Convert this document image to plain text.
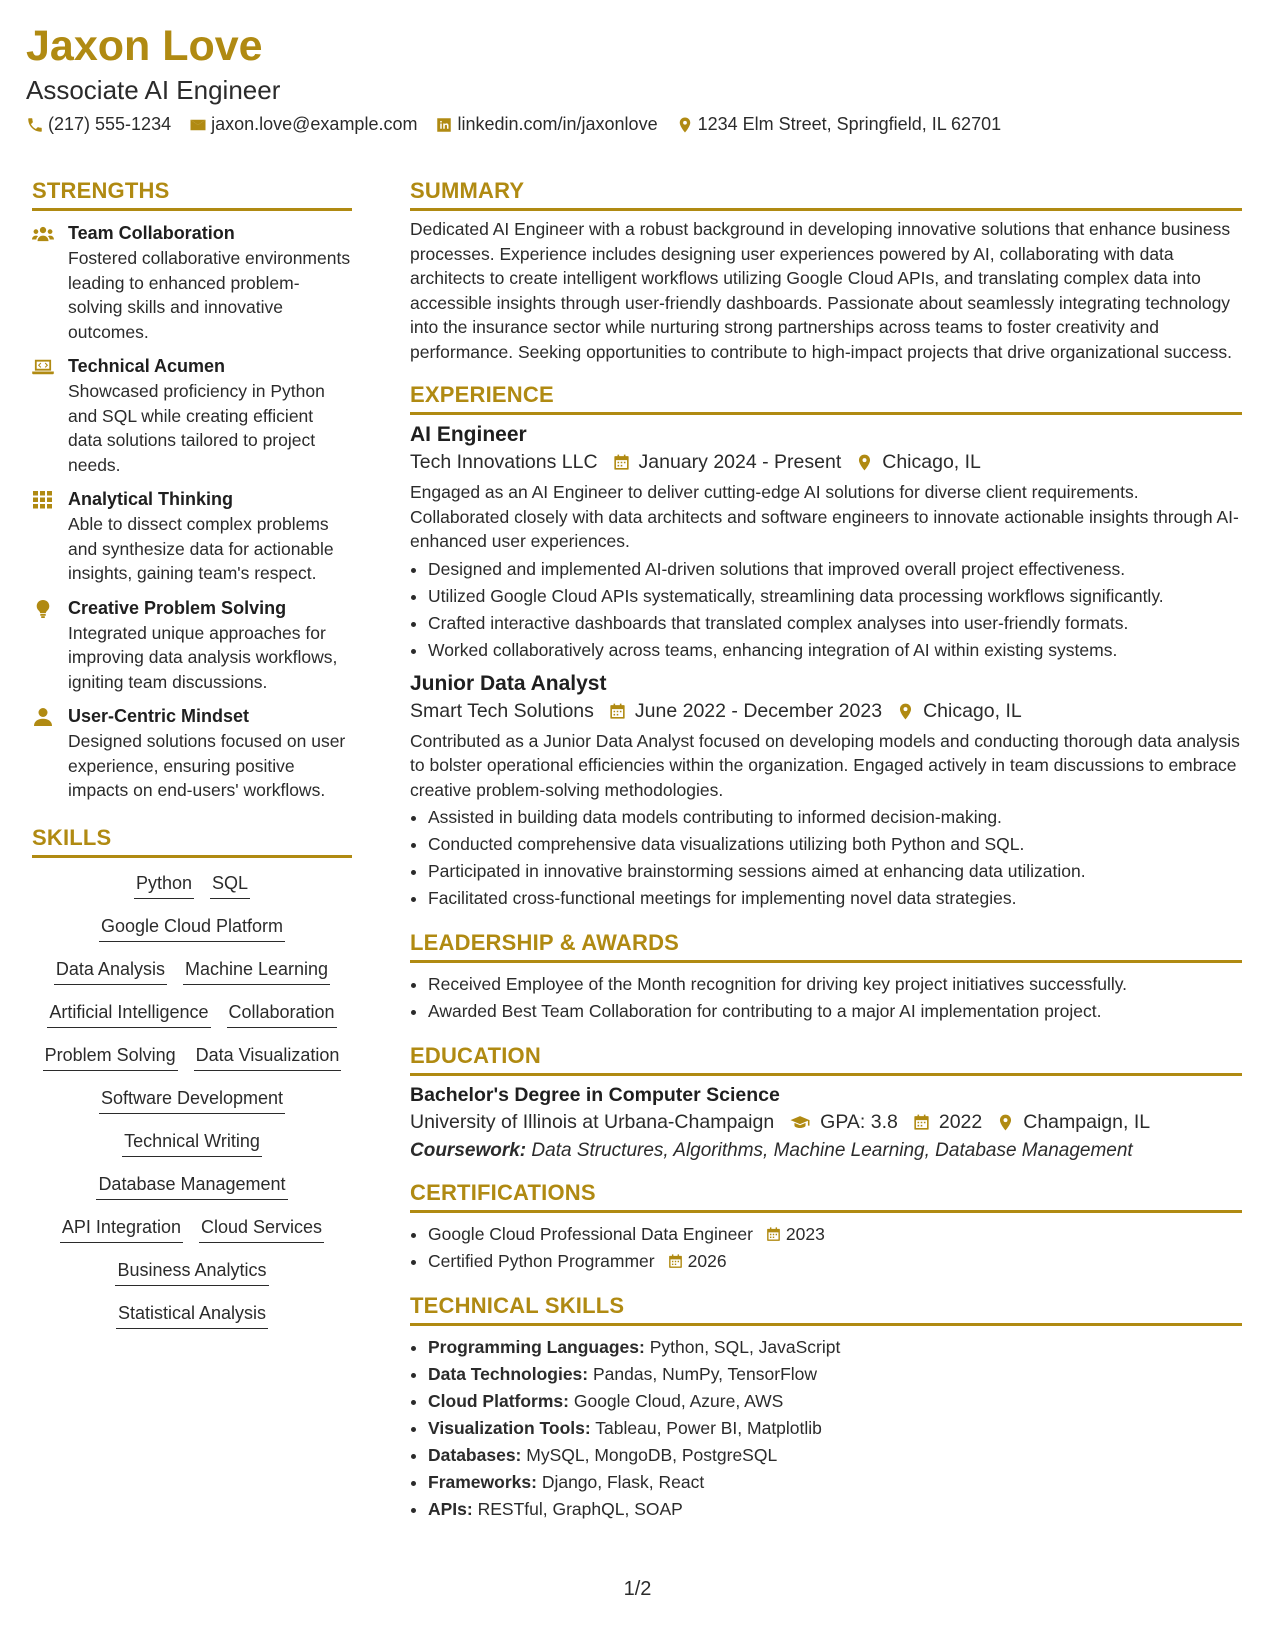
Jaxon Love
Associate AI Engineer
(217) 555-1234 jaxon.love@example.com linkedin.com/in/jaxonlove 1234 Elm Street, Springfield, IL 62701
STRENGTHS
Team Collaboration

Fostered collaborative environments leading to enhanced problem-solving skills and innovative outcomes.

Technical Acumen

Showcased proficiency in Python and SQL while creating efficient data solutions tailored to project needs.

Analytical Thinking

Able to dissect complex problems and synthesize data for actionable insights, gaining team's respect.

Creative Problem Solving

Integrated unique approaches for improving data analysis workflows, igniting team discussions.

User-Centric Mindset

Designed solutions focused on user experience, ensuring positive impacts on end-users' workflows.

SKILLS
Python SQL
Google Cloud Platform
Data Analysis Machine Learning
Artificial Intelligence Collaboration
Problem Solving Data Visualization
Software Development
Technical Writing
Database Management
API Integration Cloud Services
Business Analytics
Statistical Analysis
SUMMARY

Dedicated AI Engineer with a robust background in developing innovative solutions that enhance business processes. Experience includes designing user experiences powered by AI, collaborating with data architects to create intelligent workflows utilizing Google Cloud APIs, and translating complex data into accessible insights through user-friendly dashboards. Passionate about seamlessly integrating technology into the insurance sector while nurturing strong partnerships across teams to foster creativity and performance. Seeking opportunities to contribute to high-impact projects that drive organizational success.

EXPERIENCE
AI Engineer
Tech Innovations LLC January 2024 - Present Chicago, IL

Engaged as an AI Engineer to deliver cutting-edge AI solutions for diverse client requirements. Collaborated closely with data architects and software engineers to innovate actionable insights through AI-enhanced user experiences.

• Designed and implemented AI-driven solutions that improved overall project effectiveness.
• Utilized Google Cloud APIs systematically, streamlining data processing workflows significantly.
• Crafted interactive dashboards that translated complex analyses into user-friendly formats.
• Worked collaboratively across teams, enhancing integration of AI within existing systems.
Junior Data Analyst
Smart Tech Solutions June 2022 - December 2023 Chicago, IL

Contributed as a Junior Data Analyst focused on developing models and conducting thorough data analysis to bolster operational efficiencies within the organization. Engaged actively in team discussions to embrace creative problem-solving methodologies.

• Assisted in building data models contributing to informed decision-making.
• Conducted comprehensive data visualizations utilizing both Python and SQL.
• Participated in innovative brainstorming sessions aimed at enhancing data utilization.
• Facilitated cross-functional meetings for implementing novel data strategies.
LEADERSHIP & AWARDS
• Received Employee of the Month recognition for driving key project initiatives successfully.
• Awarded Best Team Collaboration for contributing to a major AI implementation project.
EDUCATION
Bachelor's Degree in Computer Science
University of Illinois at Urbana-Champaign GPA: 3.8 2022 Champaign, IL
Coursework: Data Structures, Algorithms, Machine Learning, Database Management
CERTIFICATIONS
• Google Cloud Professional Data Engineer 2023
• Certified Python Programmer 2026
TECHNICAL SKILLS
• Programming Languages: Python, SQL, JavaScript
• Data Technologies: Pandas, NumPy, TensorFlow
• Cloud Platforms: Google Cloud, Azure, AWS
• Visualization Tools: Tableau, Power BI, Matplotlib
• Databases: MySQL, MongoDB, PostgreSQL
• Frameworks: Django, Flask, React
• APIs: RESTful, GraphQL, SOAP
1/2
